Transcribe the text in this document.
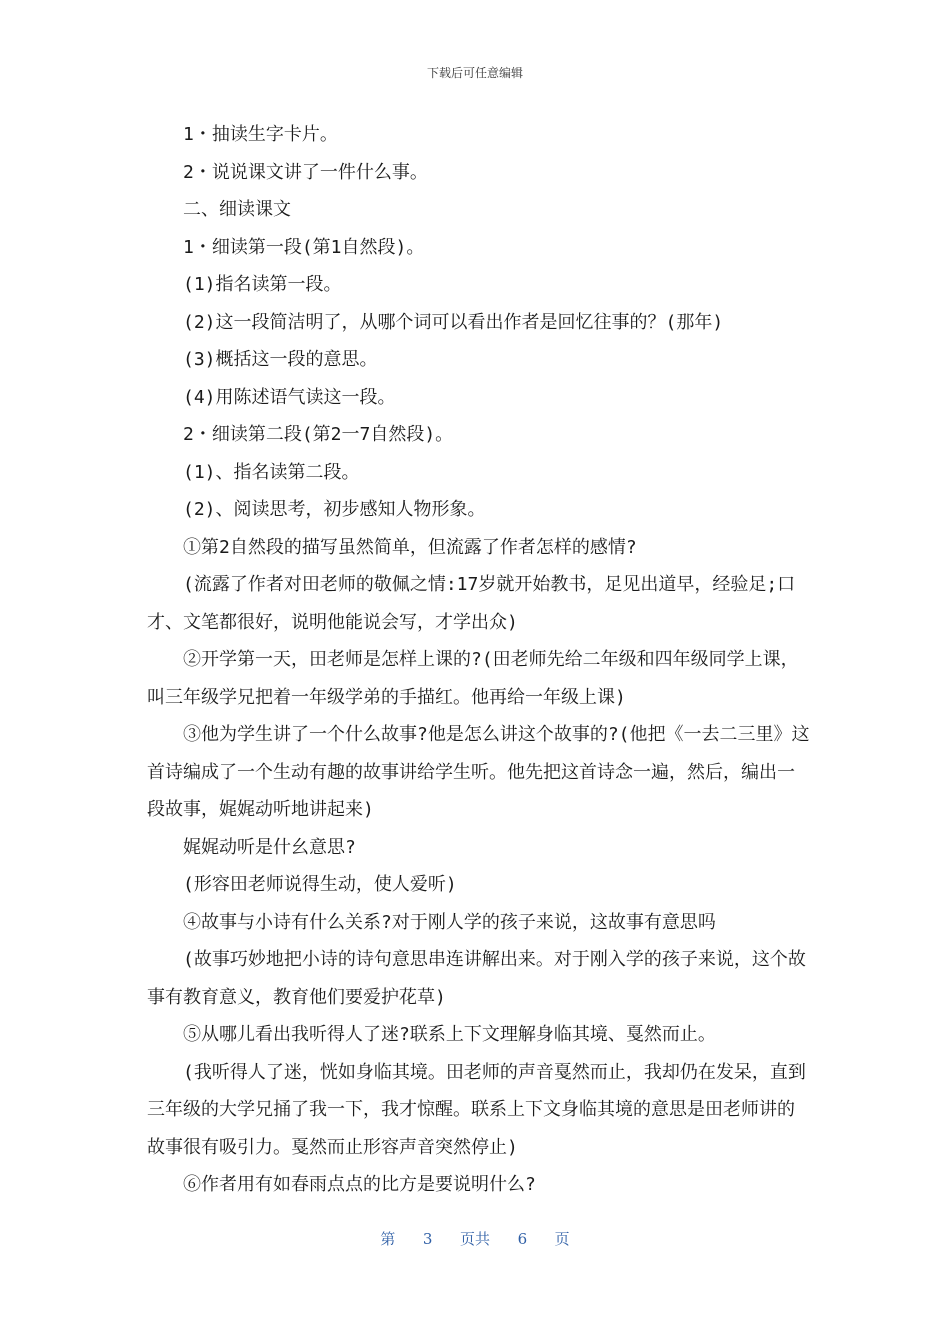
下载后可任意编辑

1・抽读生字卡片。

2・说说课文讲了一件什么事。

二、细读课文

1・细读第一段(第1自然段)。

(1)指名读第一段。

(2)这一段简洁明了，从哪个词可以看出作者是回忆往事的？(那年)

(3)概括这一段的意思。

(4)用陈述语气读这一段。

2・细读第二段(第2一7自然段)。

(1)、指名读第二段。

(2)、阅读思考，初步感知人物形象。

①第2自然段的描写虽然简单，但流露了作者怎样的感情?

(流露了作者对田老师的敬佩之情:17岁就开始教书，足见出道早，经验足;口才、文笔都很好，说明他能说会写，才学出众)

②开学第一天，田老师是怎样上课的?(田老师先给二年级和四年级同学上课，叫三年级学兄把着一年级学弟的手描红。他再给一年级上课)

③他为学生讲了一个什么故事?他是怎么讲这个故事的?(他把《一去二三里》这首诗编成了一个生动有趣的故事讲给学生听。他先把这首诗念一遍，然后，编出一段故事，娓娓动听地讲起来)

娓娓动听是什幺意思?

(形容田老师说得生动，使人爱听)

④故事与小诗有什么关系?对于刚人学的孩子来说，这故事有意思吗

(故事巧妙地把小诗的诗句意思串连讲解出来。对于刚入学的孩子来说，这个故事有教育意义，教育他们要爱护花草)

⑤从哪儿看出我听得人了迷?联系上下文理解身临其境、戛然而止。

(我听得人了迷，恍如身临其境。田老师的声音戛然而止，我却仍在发呆，直到三年级的大学兄捅了我一下，我才惊醒。联系上下文身临其境的意思是田老师讲的故事很有吸引力。戛然而止形容声音突然停止)

⑥作者用有如春雨点点的比方是要说明什么?

第 3 页共 6 页
